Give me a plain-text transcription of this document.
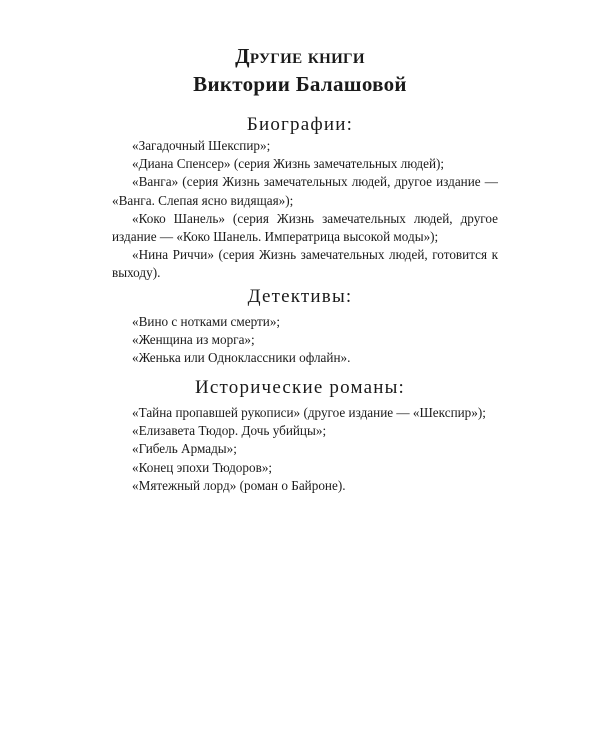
Другие книги
Виктории Балашовой
Биографии:
«Загадочный Шекспир»;
«Диана Спенсер» (серия Жизнь замечательных людей);
«Ванга» (серия Жизнь замечательных людей, другое издание — «Ванга. Слепая ясно видящая»);
«Коко Шанель» (серия Жизнь замечательных людей, другое издание — «Коко Шанель. Императрица высокой моды»);
«Нина Риччи» (серия Жизнь замечательных людей, готовится к выходу).
Детективы:
«Вино с нотками смерти»;
«Женщина из морга»;
«Женька или Одноклассники офлайн».
Исторические романы:
«Тайна пропавшей рукописи» (другое издание — «Шекспир»);
«Елизавета Тюдор. Дочь убийцы»;
«Гибель Армады»;
«Конец эпохи Тюдоров»;
«Мятежный лорд» (роман о Байроне).
